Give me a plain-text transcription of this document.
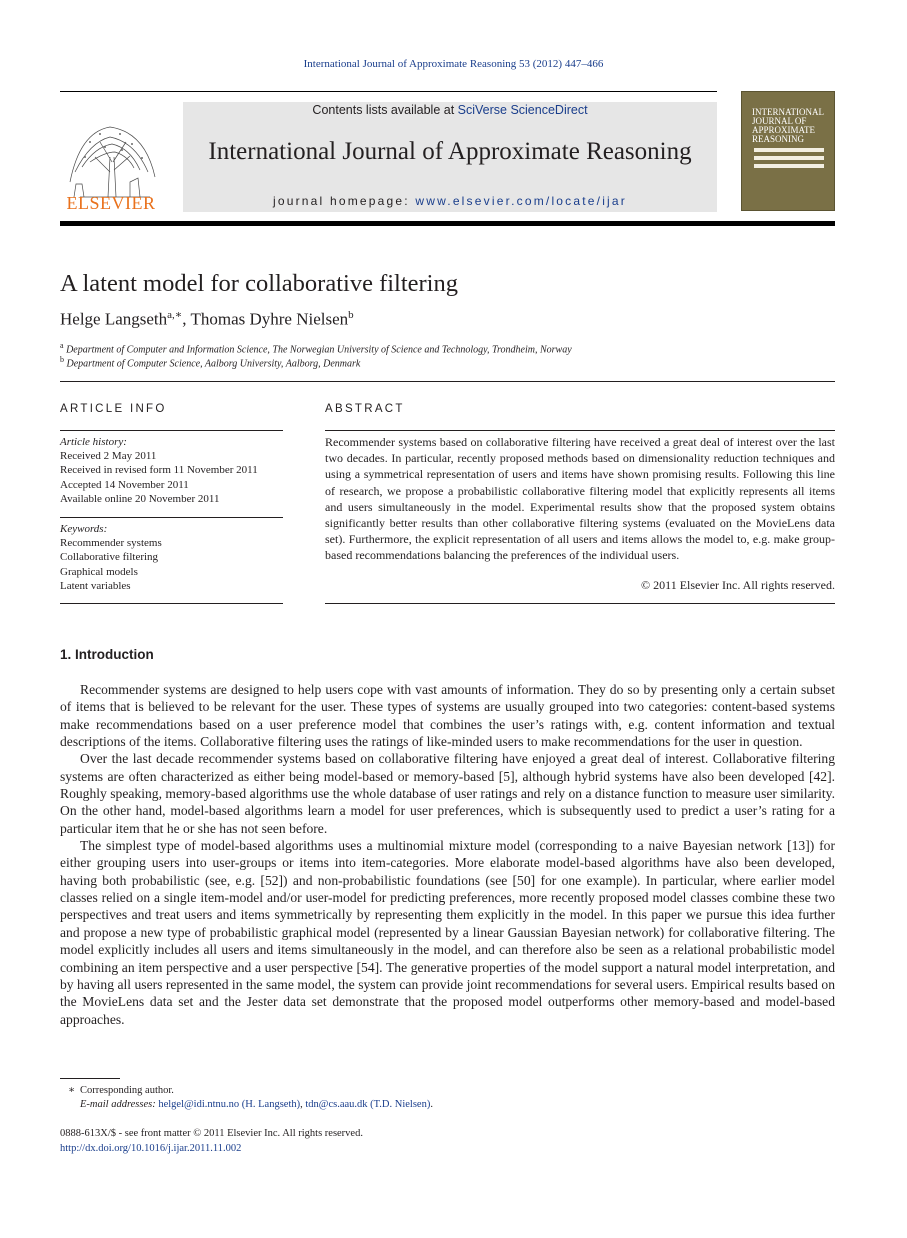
International Journal of Approximate Reasoning 53 (2012) 447–466
ELSEVIER
Contents lists available at SciVerse ScienceDirect
International Journal of Approximate Reasoning
journal homepage: www.elsevier.com/locate/ijar
INTERNATIONAL JOURNAL OF APPROXIMATE REASONING
A latent model for collaborative filtering
Helge Langseth$^{a,∗}$, Thomas Dyhre Nielsen$^b$
$^a$ Department of Computer and Information Science, The Norwegian University of Science and Technology, Trondheim, Norway
$^b$ Department of Computer Science, Aalborg University, Aalborg, Denmark
ARTICLE INFO
Article history:
Received 2 May 2011
Received in revised form 11 November 2011
Accepted 14 November 2011
Available online 20 November 2011
Keywords:
Recommender systems
Collaborative filtering
Graphical models
Latent variables
ABSTRACT
Recommender systems based on collaborative filtering have received a great deal of interest over the last two decades. In particular, recently proposed methods based on dimensionality reduction techniques and using a symmetrical representation of users and items have shown promising results. Following this line of research, we propose a probabilistic collaborative filtering model that explicitly represents all items and users simultaneously in the model. Experimental results show that the proposed system obtains significantly better results than other collaborative filtering systems (evaluated on the MovieLens data set). Furthermore, the explicit representation of all users and items allows the model to, e.g. make group-based recommendations balancing the preferences of the individual users.
© 2011 Elsevier Inc. All rights reserved.
1. Introduction

Recommender systems are designed to help users cope with vast amounts of information. They do so by presenting only a certain subset of items that is believed to be relevant for the user. These types of systems are usually grouped into two categories: content-based systems make recommendations based on a user preference model that combines the user’s ratings with, e.g. content information and textual descriptions of the items. Collaborative filtering uses the ratings of like-minded users to make recommendations for the user in question.

Over the last decade recommender systems based on collaborative filtering have enjoyed a great deal of interest. Collaborative filtering systems are often characterized as either being model-based or memory-based [5], although hybrid systems have also been developed [42]. Roughly speaking, memory-based algorithms use the whole database of user ratings and rely on a distance function to measure user similarity. On the other hand, model-based algorithms learn a model for user preferences, which is subsequently used to predict a user’s rating for a particular item that he or she has not seen before.

The simplest type of model-based algorithms uses a multinomial mixture model (corresponding to a naive Bayesian network [13]) for either grouping users into user-groups or items into item-categories. More elaborate model-based algorithms have also been developed, having both probabilistic (see, e.g. [52]) and non-probabilistic foundations (see [50] for one example). In particular, where earlier model classes relied on a single item-model and/or user-model for predicting preferences, more recently proposed model classes combine these two perspectives and treat users and items symmetrically by representing them explicitly in the model. In this paper we pursue this idea further and propose a new type of probabilistic graphical model (represented by a linear Gaussian Bayesian network) for collaborative filtering. The model explicitly includes all users and items simultaneously in the model, and can therefore also be seen as a relational probabilistic model combining an item perspective and a user perspective [54]. The generative properties of the model support a natural model interpretation, and by having all users represented in the same model, the system can provide joint recommendations for several users. Empirical results based on the MovieLens data set and the Jester data set demonstrate that the proposed model outperforms other memory-based and model-based approaches.

∗ Corresponding author.
E-mail addresses: helgel@idi.ntnu.no (H. Langseth), tdn@cs.aau.dk (T.D. Nielsen).
0888-613X/$ - see front matter © 2011 Elsevier Inc. All rights reserved.
http://dx.doi.org/10.1016/j.ijar.2011.11.002
